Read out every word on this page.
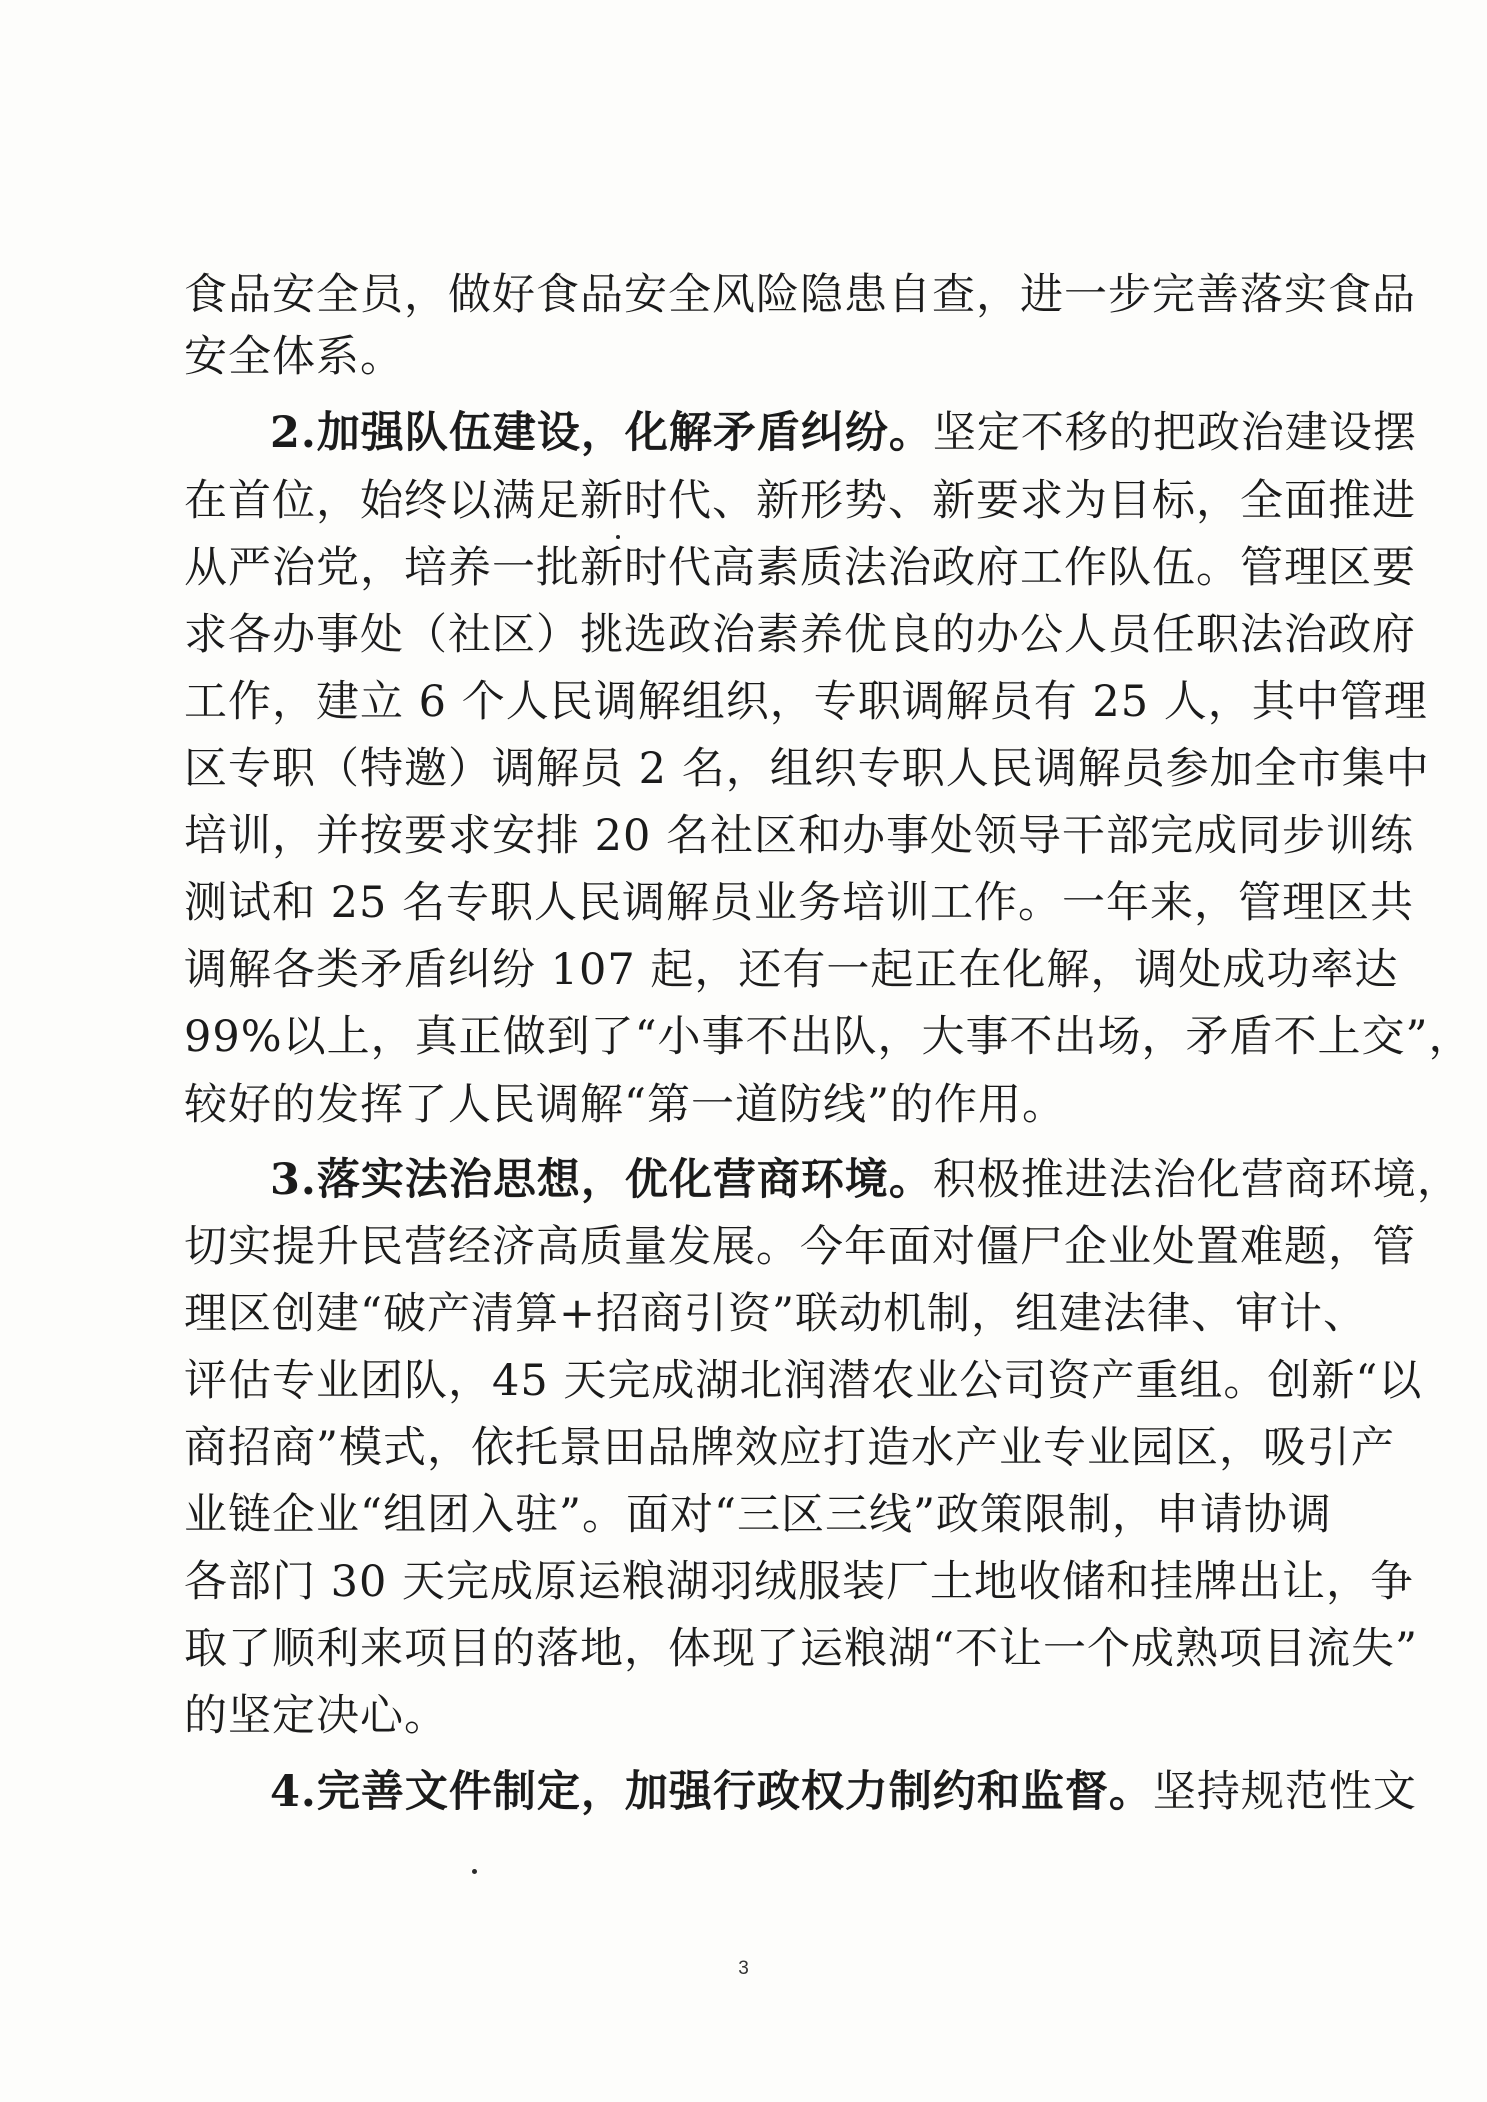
食品安全员，做好食品安全风险隐患自查，进一步完善落实食品
安全体系。
2.加强队伍建设，化解矛盾纠纷。坚定不移的把政治建设摆
在首位，始终以满足新时代、新形势、新要求为目标，全面推进
从严治党，培养一批新时代高素质法治政府工作队伍。管理区要
求各办事处（社区）挑选政治素养优良的办公人员任职法治政府
工作，建立 6 个人民调解组织，专职调解员有 25 人，其中管理
区专职（特邀）调解员 2 名，组织专职人民调解员参加全市集中
培训，并按要求安排 20 名社区和办事处领导干部完成同步训练
测试和 25 名专职人民调解员业务培训工作。一年来，管理区共
调解各类矛盾纠纷 107 起，还有一起正在化解，调处成功率达
99%以上，真正做到了“小事不出队，大事不出场，矛盾不上交”，
较好的发挥了人民调解“第一道防线”的作用。
3.落实法治思想，优化营商环境。积极推进法治化营商环境，
切实提升民营经济高质量发展。今年面对僵尸企业处置难题，管
理区创建“破产清算+招商引资”联动机制，组建法律、审计、
评估专业团队，45 天完成湖北润潜农业公司资产重组。创新“以
商招商”模式，依托景田品牌效应打造水产业专业园区，吸引产
业链企业“组团入驻”。面对“三区三线”政策限制，申请协调
各部门 30 天完成原运粮湖羽绒服装厂土地收储和挂牌出让，争
取了顺利来项目的落地，体现了运粮湖“不让一个成熟项目流失”
的坚定决心。
4.完善文件制定，加强行政权力制约和监督。坚持规范性文
3
